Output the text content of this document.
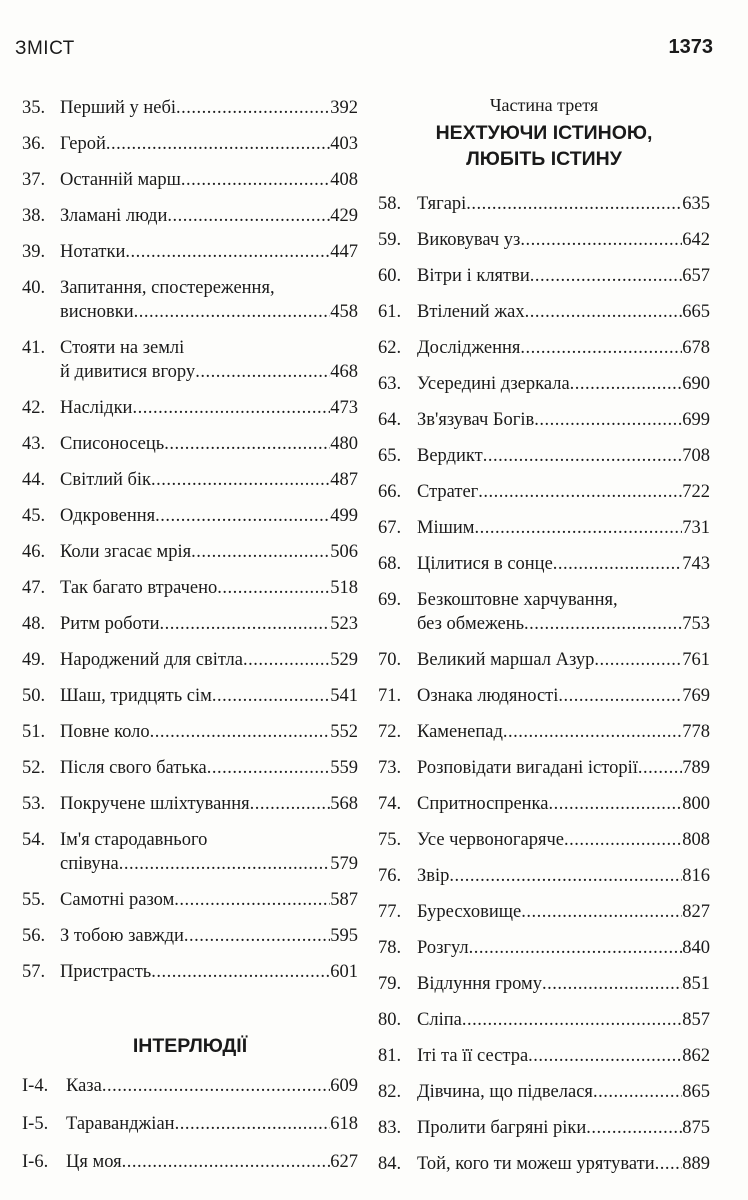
ЗМІСТ	1373
35. Перший у небі .....	392
36. Герой .....	403
37. Останній марш .....	408
38. Зламані люди .....	429
39. Нотатки .....	447
40. Запитання, спостереження,
висновки .....	458
41. Стояти на землі
й дивитися вгору .....	468
42. Наслідки .....	473
43. Списоносець .....	480
44. Світлий бік .....	487
45. Одкровення .....	499
46. Коли згасає мрія .....	506
47. Так багато втрачено .....	518
48. Ритм роботи .....	523
49. Народжений для світла .....	529
50. Шаш, тридцять сім .....	541
51. Повне коло .....	552
52. Після свого батька .....	559
53. Покручене шліхтування .....	568
54. Ім'я стародавнього
співуна .....	579
55. Самотні разом .....	587
56. З тобою завжди .....	595
57. Пристрасть .....	601
ІНТЕРЛЮДІЇ
I-4. Каза .....	609
I-5. Тараванджіан .....	618
I-6. Ця моя .....	627
Частина третя
НЕХТУЮЧИ ІСТИНОЮ,
ЛЮБІТЬ ІСТИНУ
58. Тягарі .....	635
59. Виковувач уз .....	642
60. Вітри і клятви .....	657
61. Втілений жах .....	665
62. Дослідження .....	678
63. Усередині дзеркала .....	690
64. Зв'язувач Богів .....	699
65. Вердикт .....	708
66. Стратег .....	722
67. Мішим .....	731
68. Цілитися в сонце .....	743
69. Безкоштовне харчування,
без обмежень .....	753
70. Великий маршал Азур .....	761
71. Ознака людяності .....	769
72. Каменепад .....	778
73. Розповідати вигадані історії ..... 789
74. Спритноспренка .....	800
75. Усе червоногаряче .....	808
76. Звір .....	816
77. Буресховище .....	827
78. Розгул .....	840
79. Відлуння грому .....	851
80. Сліпа .....	857
81. Іті та її сестра .....	862
82. Дівчина, що підвелася .....	865
83. Пролити багряні ріки .....	875
84. Той, кого ти можеш урятувати ..... 889
